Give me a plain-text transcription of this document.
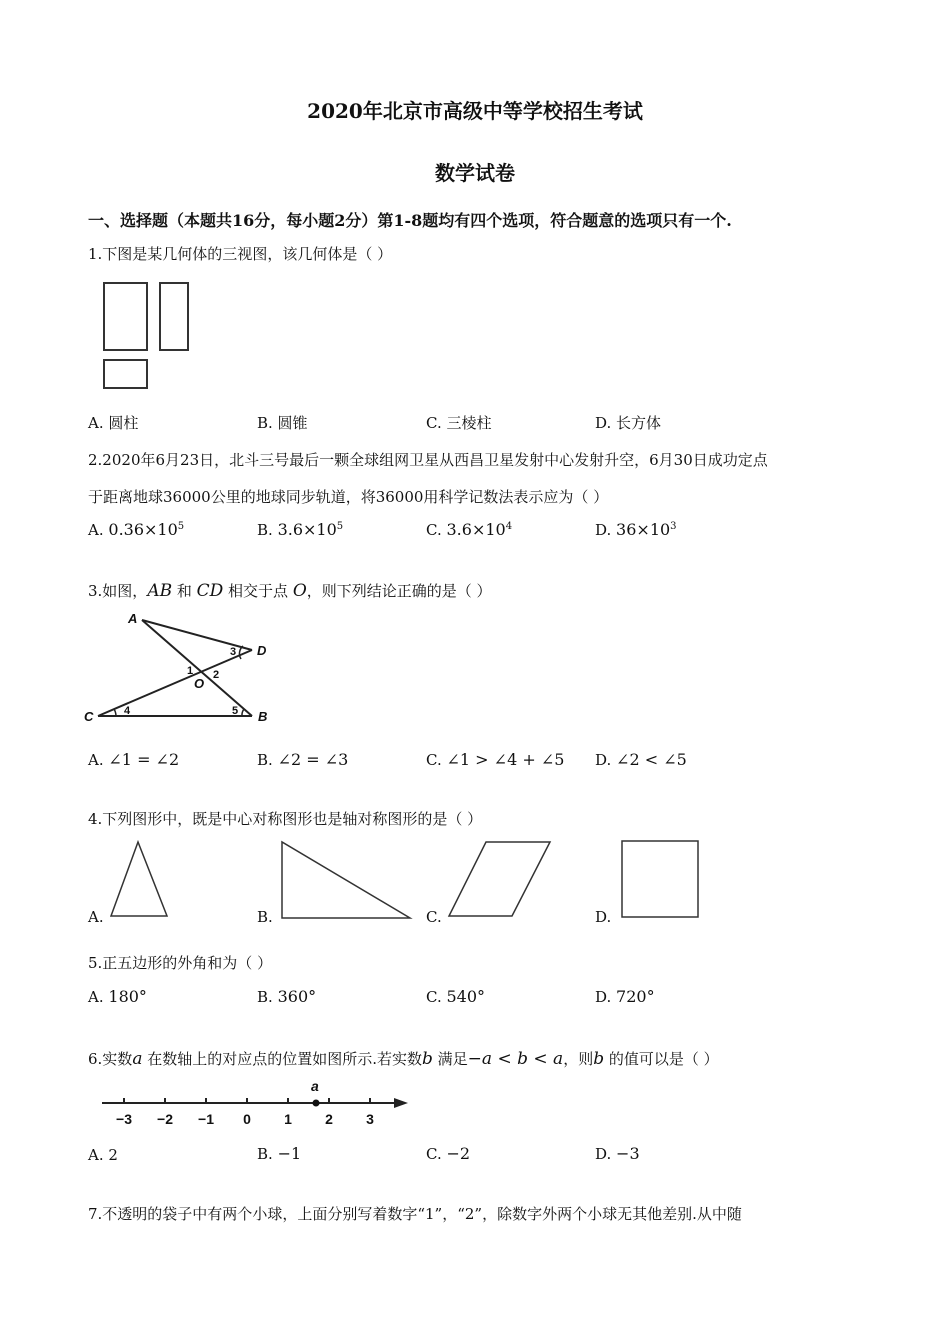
2020年北京市高级中等学校招生考试
数学试卷
一、选择题（本题共16分，每小题2分）第1-8题均有四个选项，符合题意的选项只有一个.
1.下图是某几何体的三视图，该几何体是（ ）
A. 圆柱	B. 圆锥	C. 三棱柱	D. 长方体
2.2020年6月23日，北斗三号最后一颗全球组网卫星从西昌卫星发射中心发射升空，6月30日成功定点
于距离地球36000公里的地球同步轨道，将36000用科学记数法表示应为（ ）
A. $0.36\times 10^5$	B. $3.6\times 10^5$	C. $3.6\times 10^4$	D. $36\times 10^3$
3.如图，AB 和 CD 相交于点 O，则下列结论正确的是（ ）
A
D
O
C	B
1 2
3
4	5
A. ∠1 = ∠2	B. ∠2 = ∠3	C. ∠1 > ∠4 + ∠5 D. ∠2 < ∠5
4.下列图形中，既是中心对称图形也是轴对称图形的是（ ）
A.	B.	C.	D.
5.正五边形的外角和为（ ）
A. 180°	B. 360°	C. 540°	D. 720°
6.实数a 在数轴上的对应点的位置如图所示.若实数b 满足−a < b < a，则b 的值可以是（ ）
a
−3 −2 −1 0 1 2 3
A. 2	B. −1	C. −2	D. −3
7.不透明的袋子中有两个小球，上面分别写着数字“1”，“2”，除数字外两个小球无其他差别.从中随
